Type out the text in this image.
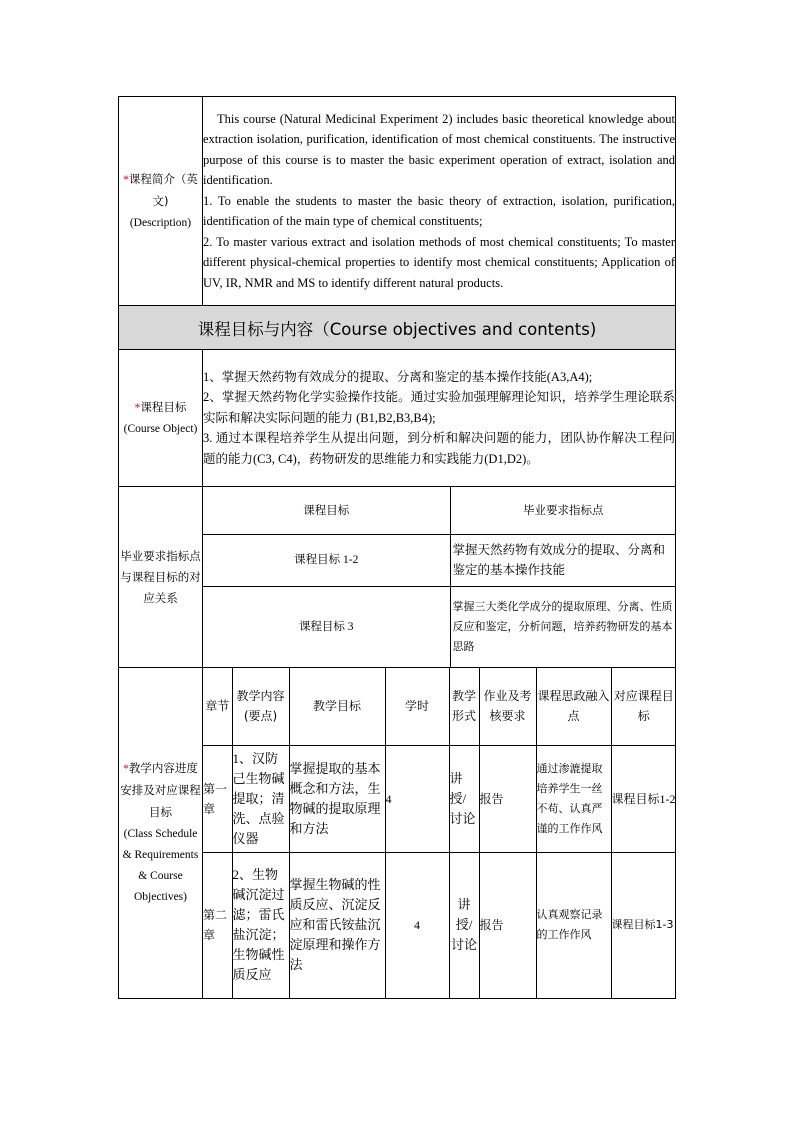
*课程简介（英文)
(Description)	

This course (Natural Medicinal Experiment 2) includes basic theoretical knowledge about extraction isolation, purification, identification of most chemical constituents. The instructive purpose of this course is to master the basic experiment operation of extract, isolation and identification.

1. To enable the students to master the basic theory of extraction, isolation, purification, identification of the main type of chemical constituents;

2. To master various extract and isolation methods of most chemical constituents; To master different physical-chemical properties to identify most chemical constituents; Application of UV, IR, NMR and MS to identify different natural products.

课程目标与内容（Course objectives and contents)
*课程目标
(Course Object)	

1、掌握天然药物有效成分的提取、分离和鉴定的基本操作技能(A3,A4);

2、掌握天然药物化学实验操作技能。通过实验加强理解理论知识，培养学生理论联系实际和解决实际问题的能力 (B1,B2,B3,B4);

3. 通过本课程培养学生从提出问题，到分析和解决问题的能力，团队协作解决工程问题的能力(C3, C4)，药物研发的思维能力和实践能力(D1,D2)。

毕业要求指标点与课程目标的对应关系	
课程目标	毕业要求指标点
课程目标 1-2	掌握天然药物有效成分的提取、分离和鉴定的基本操作技能
课程目标 3	掌握三大类化学成分的提取原理、分离、性质反应和鉴定，分析问题，培养药物研发的基本思路

*教学内容进度安排及对应课程目标
(Class Schedule & Requirements & Course Objectives)	
章节	教学内容(要点)	教学目标	学时	教学形式	作业及考核要求	课程思政融入点	对应课程目标
第一章	1、汉防己生物碱提取；清洗、点验仪器	掌握提取的基本概念和方法，生物碱的提取原理和方法	4	讲授/讨论	报告	通过渗漉提取培养学生一丝不苟、认真严谨的工作作风	课程目标1-2
第二章	2、生物碱沉淀过滤；雷氏盐沉淀；生物碱性质反应	掌握生物碱的性质反应、沉淀反应和雷氏铵盐沉淀原理和操作方法	4	讲授/讨论	报告	认真观察记录的工作作风	课程目标1-3
